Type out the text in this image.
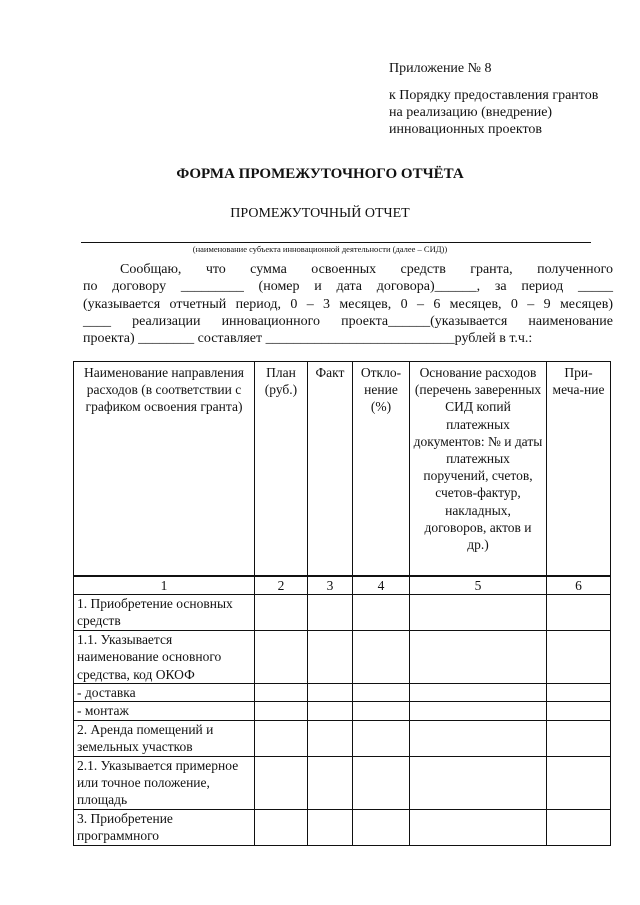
Приложение № 8
к Порядку предоставления грантов
на реализацию (внедрение)
инновационных проектов
ФОРМА ПРОМЕЖУТОЧНОГО ОТЧЁТА
ПРОМЕЖУТОЧНЫЙ ОТЧЕТ
(наименование субъекта инновационной деятельности (далее – СИД))
Сообщаю, что сумма освоенных средств гранта, полученного
по договору _________ (номер и дата договора)______, за период _____
(указывается отчетный период, 0 – 3 месяцев, 0 – 6 месяцев, 0 – 9 месяцев)
____ реализации инновационного проекта______(указывается наименование
проекта) ________ составляет ___________________________рублей в т.ч.:
Наименование направления расходов (в соответствии с графиком освоения гранта)	План (руб.)	Факт	Откло-нение (%)	Основание расходов (перечень заверенных СИД копий платежных документов: № и даты платежных поручений, счетов, счетов-фактур, накладных, договоров, актов и др.)	При-меча-ние
1	2	3	4	5	6
1. Приобретение основных средств					
1.1. Указывается наименование основного средства, код ОКОФ					
- доставка					
- монтаж					
2. Аренда помещений и земельных участков					
2.1. Указывается примерное или точное положение, площадь					
3. Приобретение программного					
